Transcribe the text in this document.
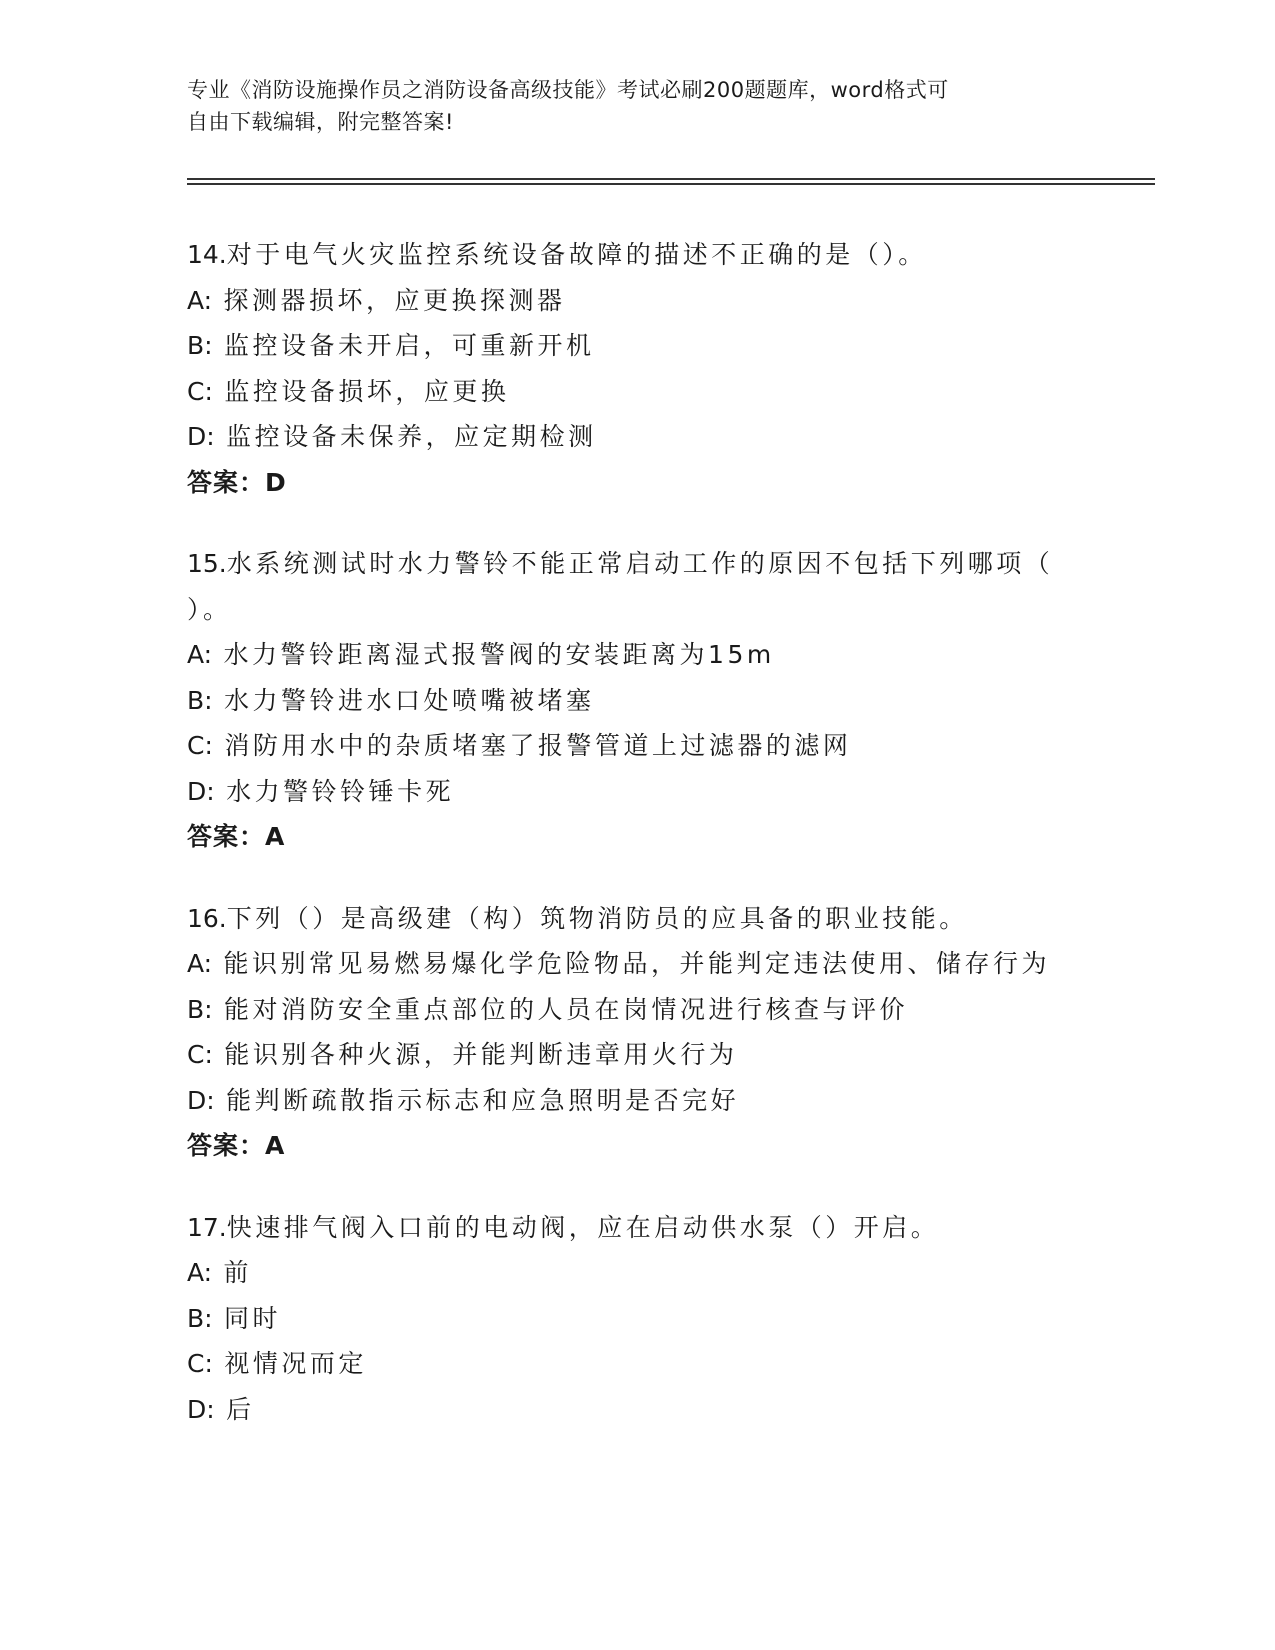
专业《消防设施操作员之消防设备高级技能》考试必刷200题题库，word格式可
自由下载编辑，附完整答案!
14.对于电气火灾监控系统设备故障的描述不正确的是（）。
A: 探测器损坏，应更换探测器
B: 监控设备未开启，可重新开机
C: 监控设备损坏，应更换
D: 监控设备未保养，应定期检测
答案：D
15.水系统测试时水力警铃不能正常启动工作的原因不包括下列哪项（
）。
A: 水力警铃距离湿式报警阀的安装距离为15m
B: 水力警铃进水口处喷嘴被堵塞
C: 消防用水中的杂质堵塞了报警管道上过滤器的滤网
D: 水力警铃铃锤卡死
答案：A
16.下列（）是高级建（构）筑物消防员的应具备的职业技能。
A: 能识别常见易燃易爆化学危险物品，并能判定违法使用、储存行为
B: 能对消防安全重点部位的人员在岗情况进行核查与评价
C: 能识别各种火源，并能判断违章用火行为
D: 能判断疏散指示标志和应急照明是否完好
答案：A
17.快速排气阀入口前的电动阀，应在启动供水泵（）开启。
A: 前
B: 同时
C: 视情况而定
D: 后
